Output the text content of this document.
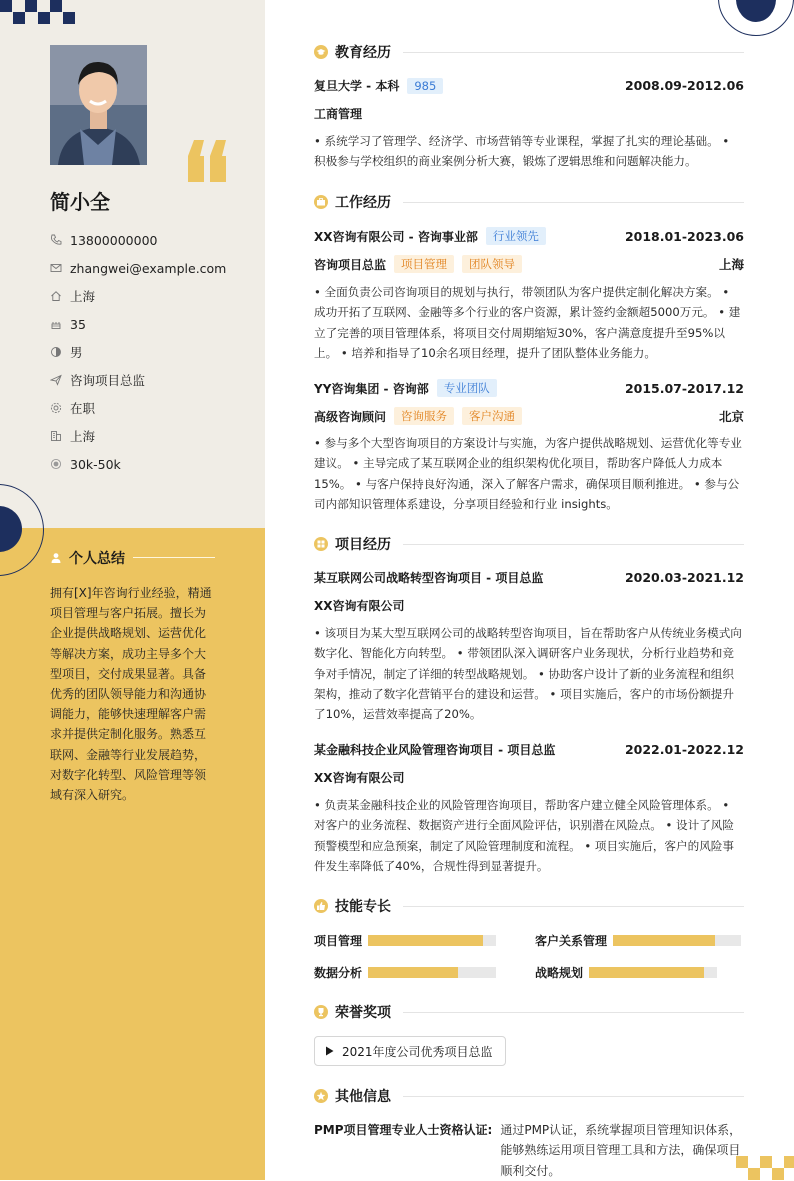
简小全
13800000000
zhangwei@example.com
上海
35
男
咨询项目总监
在职
上海
30k-50k
个人总结
拥有[X]年咨询行业经验，精通项目管理与客户拓展。擅长为企业提供战略规划、运营优化等解决方案，成功主导多个大型项目，交付成果显著。具备优秀的团队领导能力和沟通协调能力，能够快速理解客户需求并提供定制化服务。熟悉互联网、金融等行业发展趋势，对数字化转型、风险管理等领域有深入研究。
教育经历
复旦大学 - 本科	985	2008.09-2012.06
工商管理
• 系统学习了管理学、经济学、市场营销等专业课程，掌握了扎实的理论基础。 • 积极参与学校组织的商业案例分析大赛，锻炼了逻辑思维和问题解决能力。
工作经历
XX咨询有限公司 - 咨询事业部	行业领先	2018.01-2023.06
咨询项目总监	项目管理	团队领导	上海
• 全面负责公司咨询项目的规划与执行，带领团队为客户提供定制化解决方案。 • 成功开拓了互联网、金融等多个行业的客户资源，累计签约金额超5000万元。 • 建立了完善的项目管理体系，将项目交付周期缩短30%，客户满意度提升至95%以上。 • 培养和指导了10余名项目经理，提升了团队整体业务能力。
YY咨询集团 - 咨询部	专业团队	2015.07-2017.12
高级咨询顾问	咨询服务	客户沟通	北京
• 参与多个大型咨询项目的方案设计与实施，为客户提供战略规划、运营优化等专业建议。 • 主导完成了某互联网企业的组织架构优化项目，帮助客户降低人力成本15%。 • 与客户保持良好沟通，深入了解客户需求，确保项目顺利推进。 • 参与公司内部知识管理体系建设，分享项目经验和行业 insights。
项目经历
某互联网公司战略转型咨询项目 - 项目总监	2020.03-2021.12
XX咨询有限公司
• 该项目为某大型互联网公司的战略转型咨询项目，旨在帮助客户从传统业务模式向数字化、智能化方向转型。 • 带领团队深入调研客户业务现状，分析行业趋势和竞争对手情况，制定了详细的转型战略规划。 • 协助客户设计了新的业务流程和组织架构，推动了数字化营销平台的建设和运营。 • 项目实施后，客户的市场份额提升了10%，运营效率提高了20%。
某金融科技企业风险管理咨询项目 - 项目总监	2022.01-2022.12
XX咨询有限公司
• 负责某金融科技企业的风险管理咨询项目，帮助客户建立健全风险管理体系。 • 对客户的业务流程、数据资产进行全面风险评估，识别潜在风险点。 • 设计了风险预警模型和应急预案，制定了风险管理制度和流程。 • 项目实施后，客户的风险事件发生率降低了40%，合规性得到显著提升。
技能专长
项目管理	客户关系管理
数据分析	战略规划
荣誉奖项
2021年度公司优秀项目总监
其他信息
PMP项目管理专业人士资格认证: 通过PMP认证，系统掌握项目管理知识体系，能够熟练运用项目管理工具和方法，确保项目顺利交付。
